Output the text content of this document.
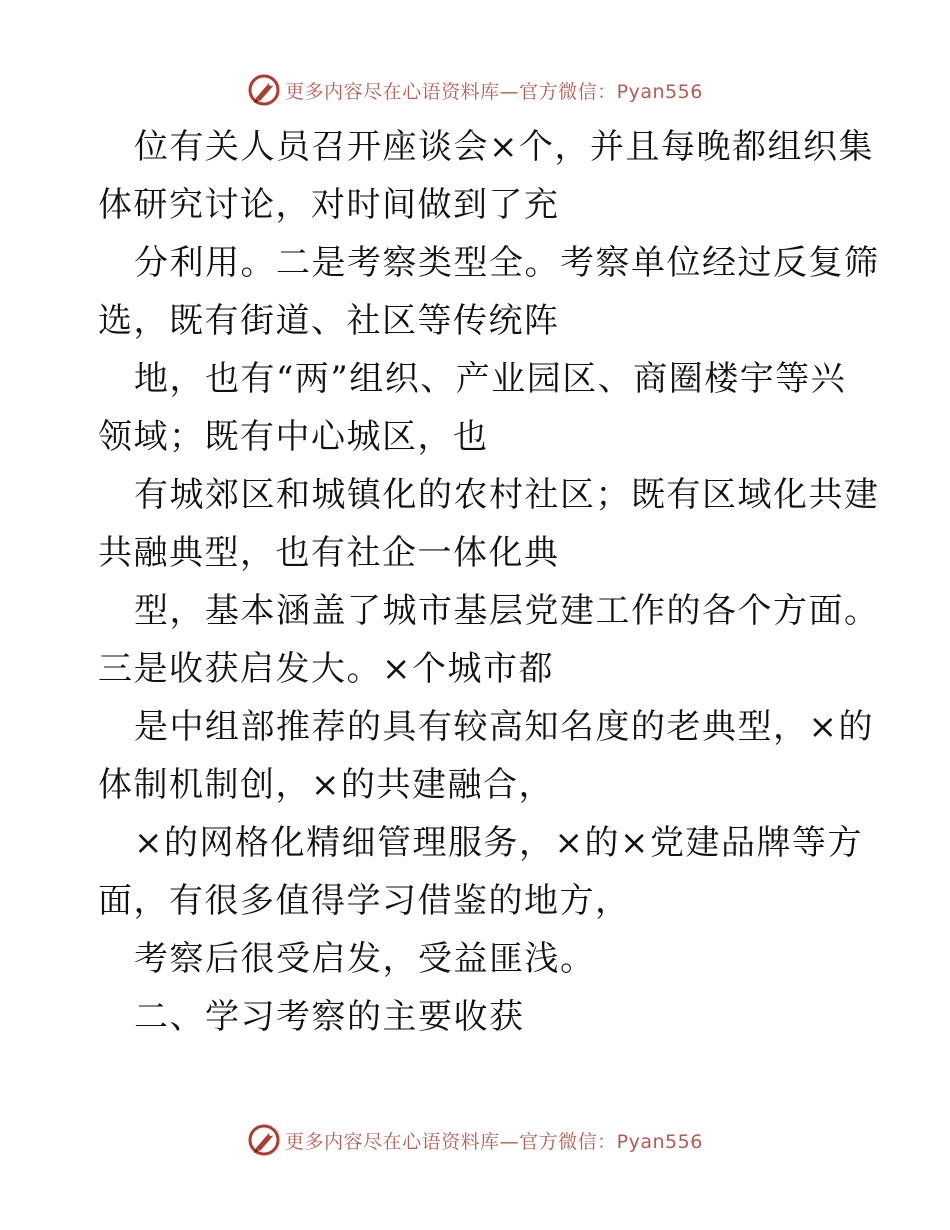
更多内容尽在心语资料库—官方微信：Pyan556
位有关人员召开座谈会×个，并且每晚都组织集
体研究讨论，对时间做到了充
分利用。二是考察类型全。考察单位经过反复筛
选，既有街道、社区等传统阵
地，也有“两”组织、产业园区、商圈楼宇等兴
领域；既有中心城区，也
有城郊区和城镇化的农村社区；既有区域化共建
共融典型，也有社企一体化典
型，基本涵盖了城市基层党建工作的各个方面。
三是收获启发大。×个城市都
是中组部推荐的具有较高知名度的老典型，×的
体制机制创，×的共建融合，
×的网格化精细管理服务，×的×党建品牌等方
面，有很多值得学习借鉴的地方，
考察后很受启发，受益匪浅。
二、学习考察的主要收获
更多内容尽在心语资料库—官方微信：Pyan556
